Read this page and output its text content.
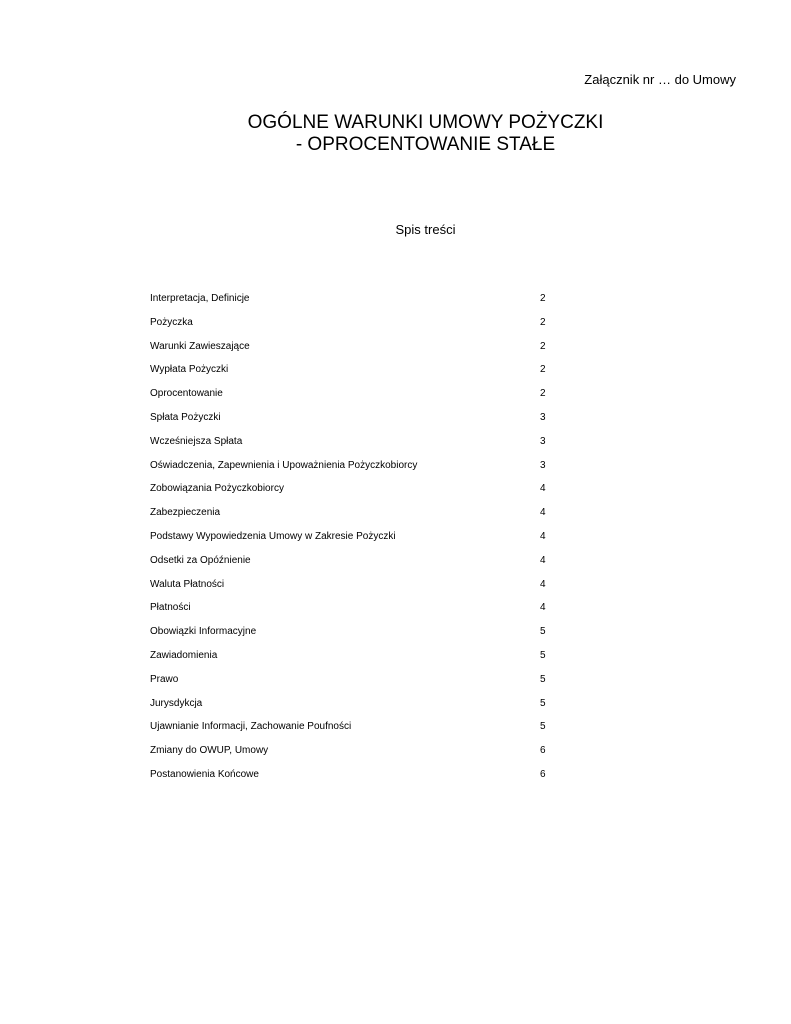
Załącznik nr … do Umowy
OGÓLNE WARUNKI UMOWY POŻYCZKI
- OPROCENTOWANIE STAŁE
Spis treści
Interpretacja, Definicje	2
Pożyczka	2
Warunki Zawieszające	2
Wypłata Pożyczki	2
Oprocentowanie	2
Spłata Pożyczki	3
Wcześniejsza Spłata	3
Oświadczenia, Zapewnienia i Upoważnienia Pożyczkobiorcy	3
Zobowiązania Pożyczkobiorcy	4
Zabezpieczenia	4
Podstawy Wypowiedzenia Umowy w Zakresie Pożyczki	4
Odsetki za Opóźnienie	4
Waluta Płatności	4
Płatności	4
Obowiązki Informacyjne	5
Zawiadomienia	5
Prawo	5
Jurysdykcja	5
Ujawnianie Informacji, Zachowanie Poufności	5
Zmiany do OWUP, Umowy	6
Postanowienia Końcowe	6
